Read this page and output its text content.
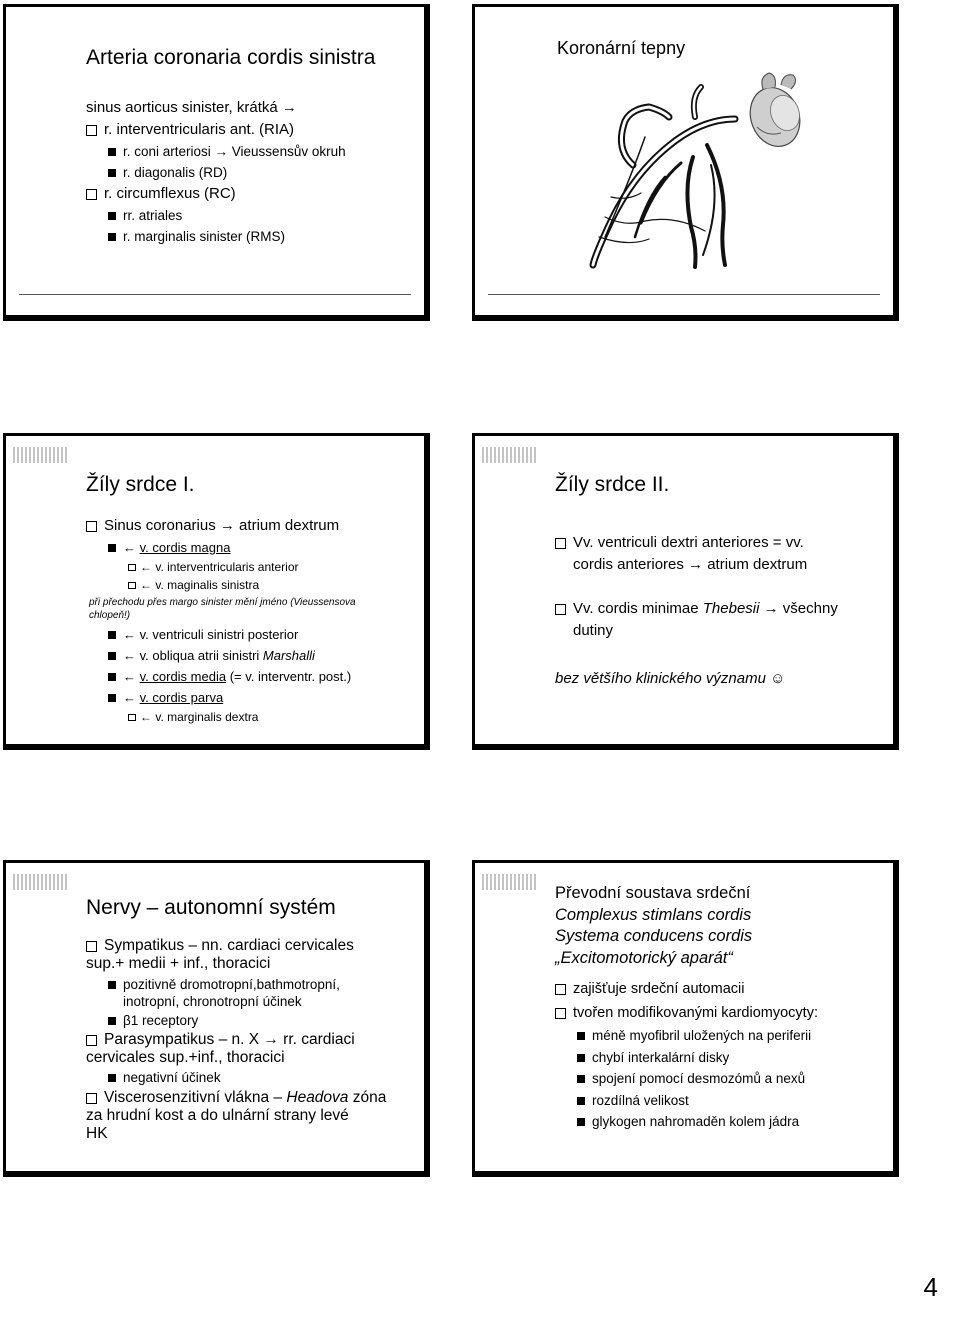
Arteria coronaria cordis sinistra
sinus aorticus sinister, krátká →
r. interventricularis ant. (RIA)
r. coni arteriosi → Vieussensův okruh
r. diagonalis (RD)
r. circumflexus (RC)
rr. atriales
r. marginalis sinister (RMS)
Koronární tepny
Žíly srdce I.
Sinus coronarius → atrium dextrum
← v. cordis magna
← v. interventricularis anterior
← v. maginalis sinistra
při přechodu přes margo sinister mění jméno (Vieussensova chlopeň!)
← v. ventriculi sinistri posterior
← v. obliqua atrii sinistri Marshalli
← v. cordis media (= v. interventr. post.)
← v. cordis parva
← v. marginalis dextra
Žíly srdce II.
Vv. ventriculi dextri anteriores = vv.
cordis anteriores → atrium dextrum
Vv. cordis minimae Thebesii → všechny
dutiny
bez většího klinického významu ☺
Nervy – autonomní systém
Sympatikus – nn. cardiaci cervicales
sup.+ medii + inf., thoracici
pozitivně dromotropní,bathmotropní,
inotropní, chronotropní účinek
β1 receptory
Parasympatikus – n. X → rr. cardiaci
cervicales sup.+inf., thoracici
negativní účinek
Viscerosenzitivní vlákna – Headova zóna
za hrudní kost a do ulnární strany levé
HK
Převodní soustava srdeční
Complexus stimlans cordis
Systema conducens cordis
„Excitomotorický aparát“
zajišťuje srdeční automacii
tvořen modifikovanými kardiomyocyty:
méně myofibril uložených na periferii
chybí interkalární disky
spojení pomocí desmozómů a nexů
rozdílná velikost
glykogen nahromaděn kolem jádra
4
